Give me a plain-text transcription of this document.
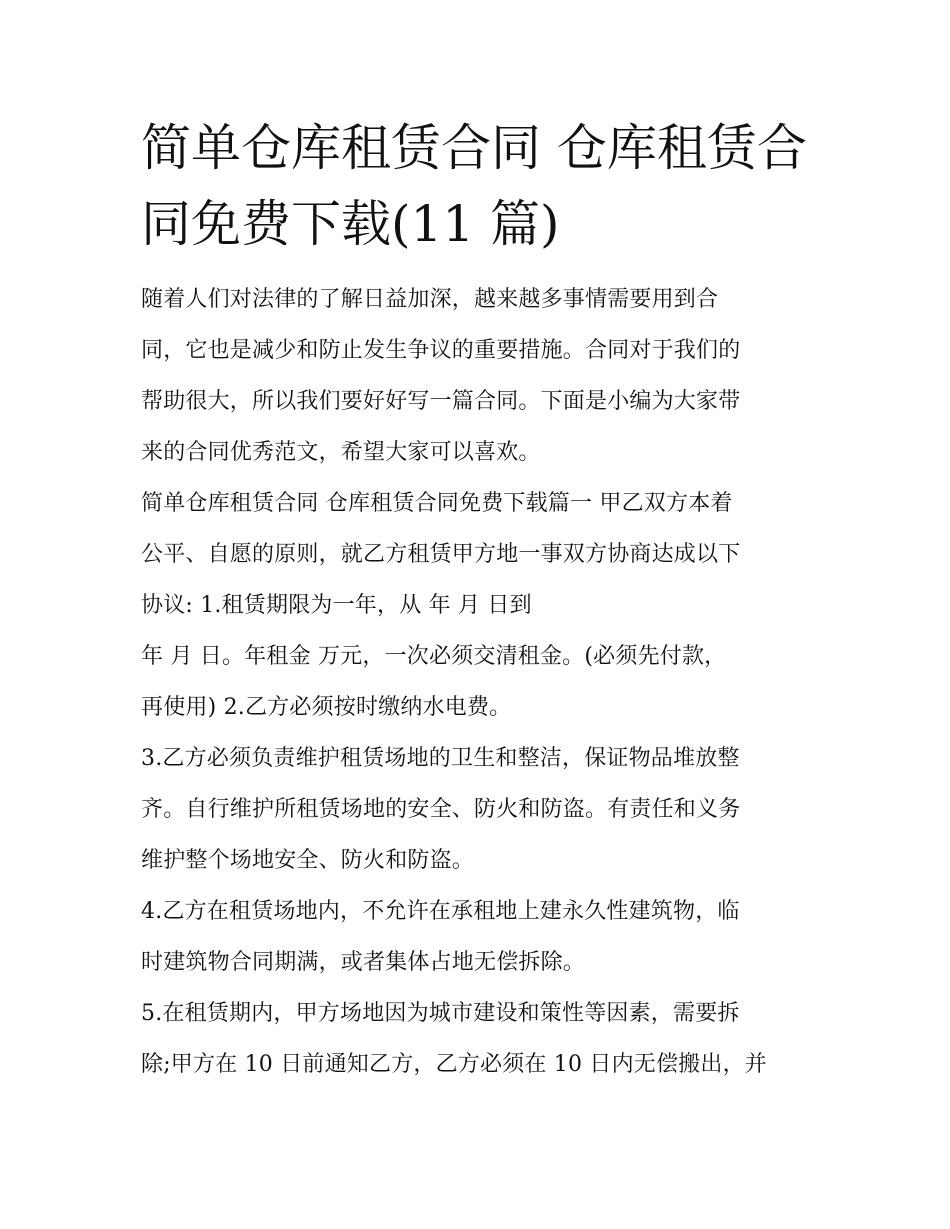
简单仓库租赁合同 仓库租赁合
同免费下载(11 篇)

随着人们对法律的了解日益加深，越来越多事情需要用到合
同，它也是减少和防止发生争议的重要措施。合同对于我们的
帮助很大，所以我们要好好写一篇合同。下面是小编为大家带
来的合同优秀范文，希望大家可以喜欢。

简单仓库租赁合同 仓库租赁合同免费下载篇一 甲乙双方本着
公平、自愿的原则，就乙方租赁甲方地一事双方协商达成以下
协议: 1.租赁期限为一年，从 年 月 日到

年 月 日。年租金 万元，一次必须交清租金。(必须先付款，
再使用) 2.乙方必须按时缴纳水电费。

3.乙方必须负责维护租赁场地的卫生和整洁，保证物品堆放整
齐。自行维护所租赁场地的安全、防火和防盗。有责任和义务
维护整个场地安全、防火和防盗。

4.乙方在租赁场地内，不允许在承租地上建永久性建筑物，临
时建筑物合同期满，或者集体占地无偿拆除。

5.在租赁期内，甲方场地因为城市建设和策性等因素，需要拆
除;甲方在 10 日前通知乙方，乙方必须在 10 日内无偿搬出，并
